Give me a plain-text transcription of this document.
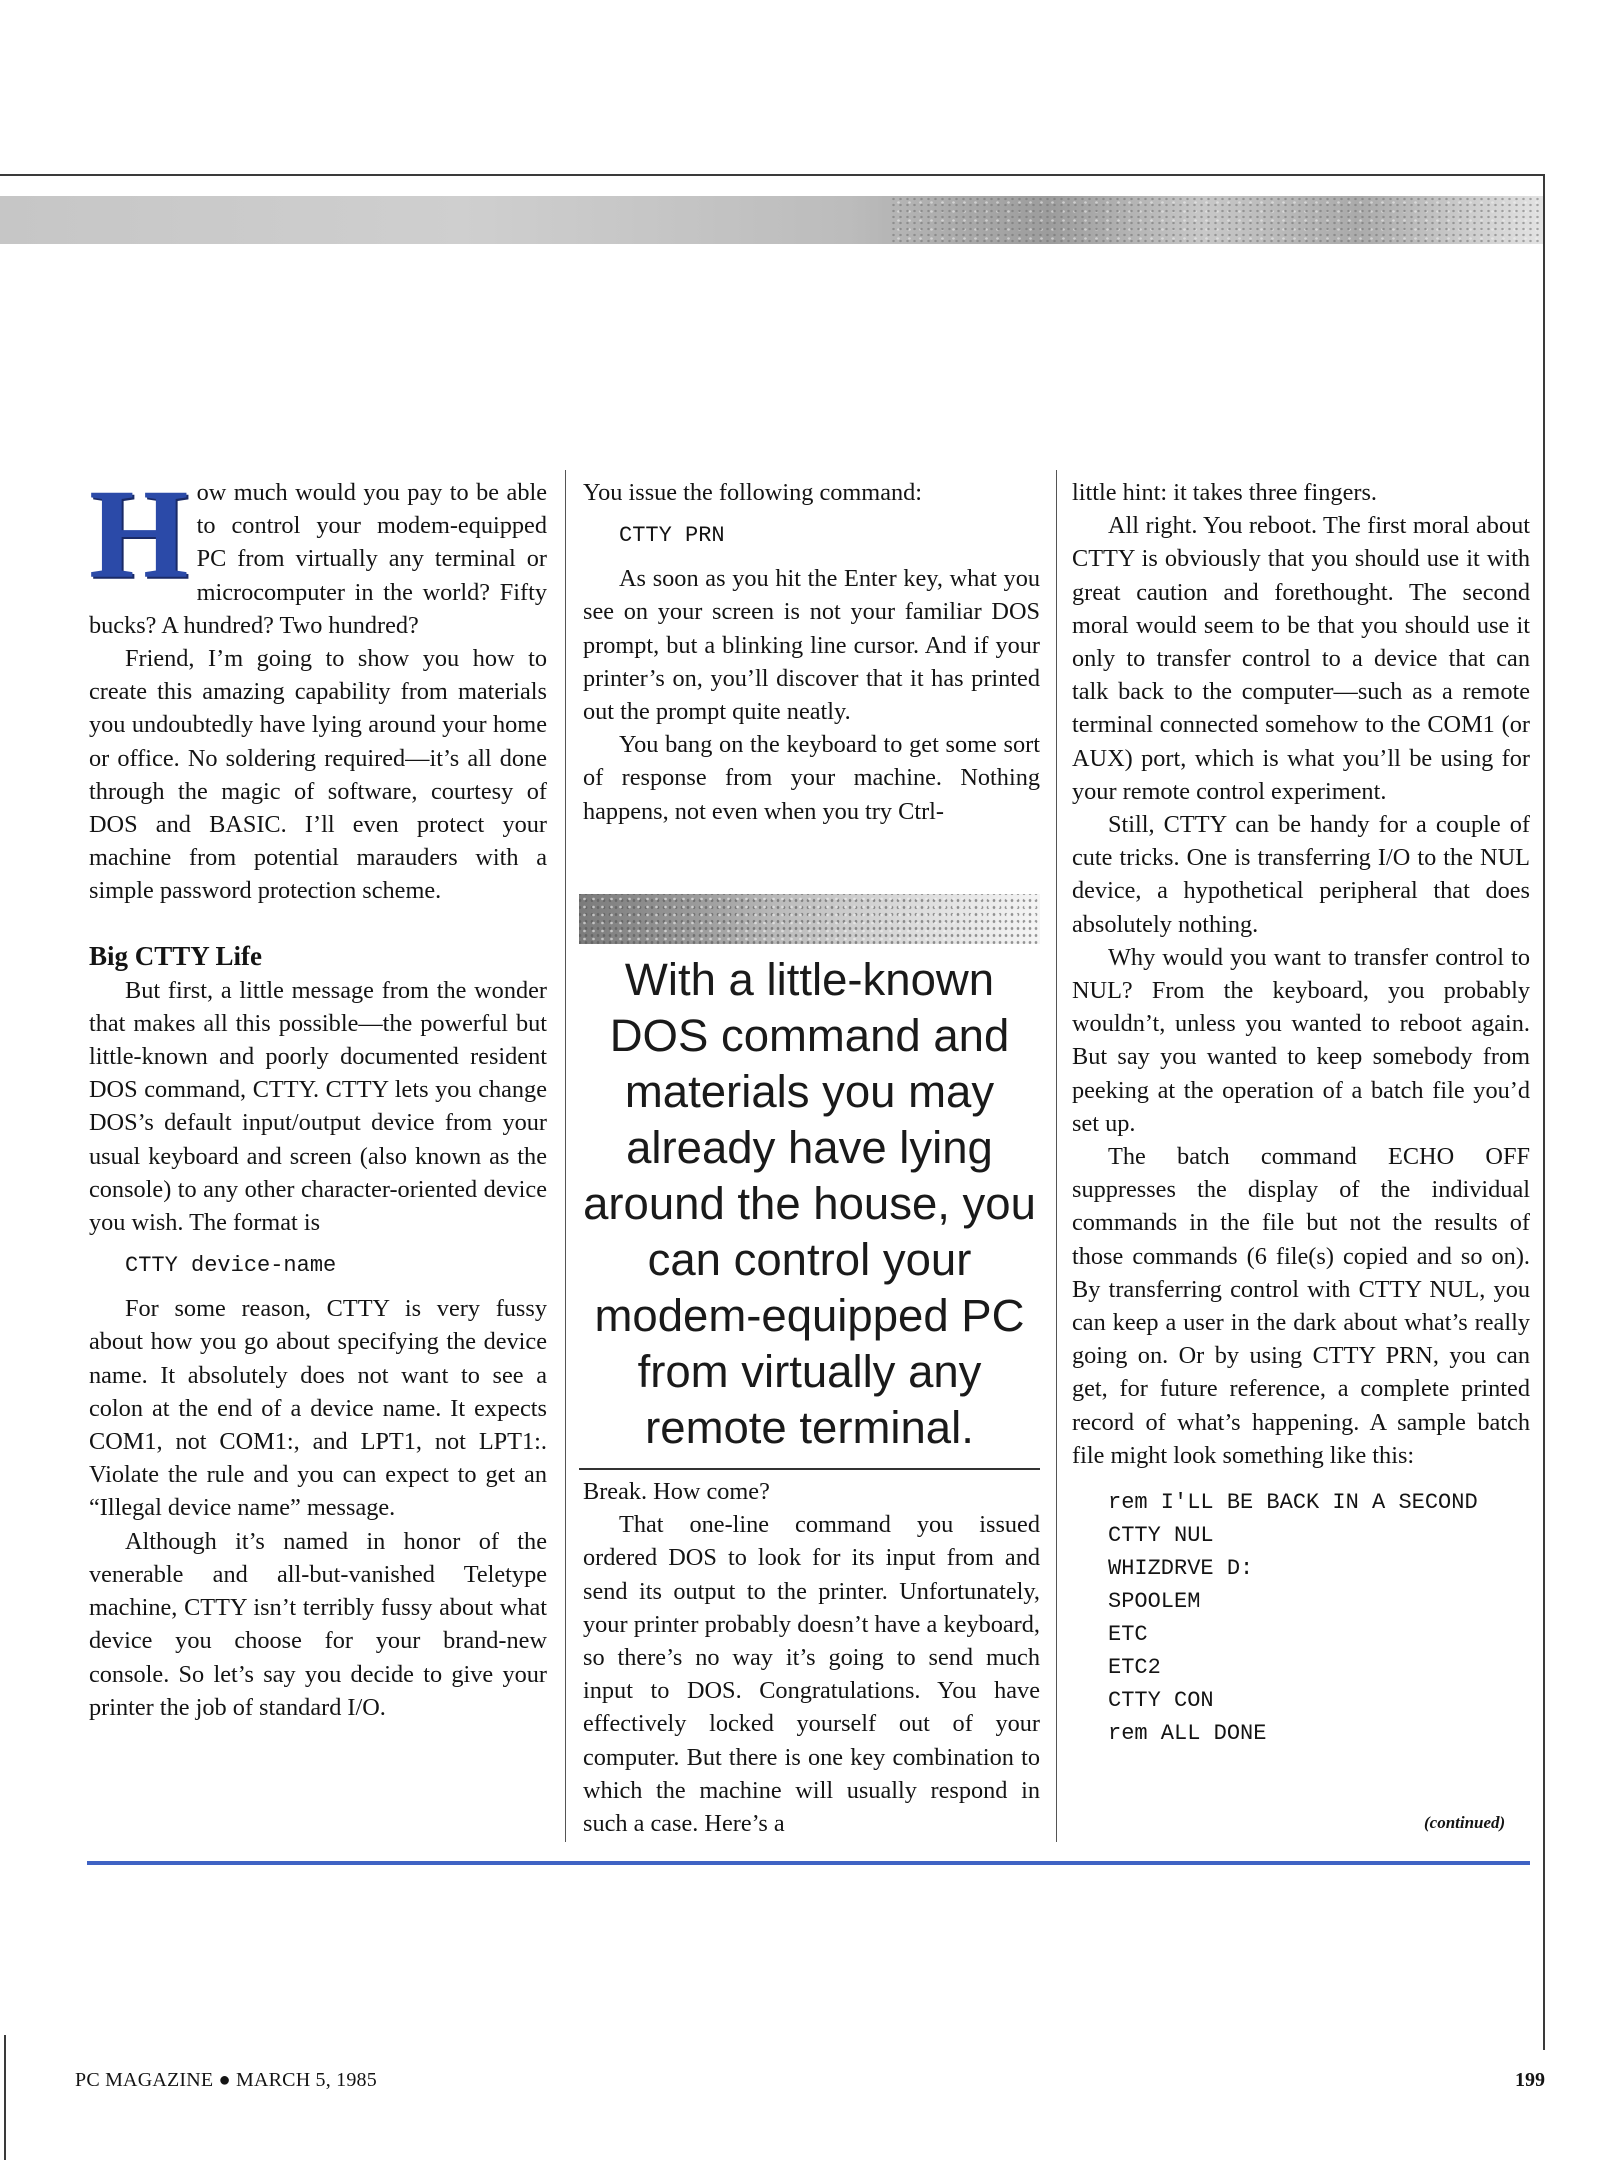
How much would you pay to be able to control your modem-equipped PC from virtually any terminal or microcomputer in the world? Fifty bucks? A hundred? Two hundred?

Friend, I’m going to show you how to create this amazing capability from materials you undoubtedly have lying around your home or office. No soldering required—it’s all done through the magic of software, courtesy of DOS and BASIC. I’ll even protect your machine from potential marauders with a simple password protection scheme.

Big CTTY Life

But first, a little message from the wonder that makes all this possible—the powerful but little-known and poorly documented resident DOS command, CTTY. CTTY lets you change DOS’s default input/output device from your usual keyboard and screen (also known as the console) to any other character-oriented device you wish. The format is

CTTY device-name

For some reason, CTTY is very fussy about how you go about specifying the device name. It absolutely does not want to see a colon at the end of a device name. It expects COM1, not COM1:, and LPT1, not LPT1:. Violate the rule and you can expect to get an “Illegal device name” message.

Although it’s named in honor of the venerable and all-but-vanished Teletype machine, CTTY isn’t terribly fussy about what device you choose for your brand-new console. So let’s say you decide to give your printer the job of standard I/O.

You issue the following command:

CTTY PRN

As soon as you hit the Enter key, what you see on your screen is not your familiar DOS prompt, but a blinking line cursor. And if your printer’s on, you’ll discover that it has printed out the prompt quite neatly.

You bang on the keyboard to get some sort of response from your machine. Nothing happens, not even when you try Ctrl-

With a little-known DOS command and materials you may already have lying around the house, you can control your modem-equipped PC from virtually any remote terminal.

Break. How come?

That one-line command you issued ordered DOS to look for its input from and send its output to the printer. Unfortunately, your printer probably doesn’t have a keyboard, so there’s no way it’s going to send much input to DOS. Congratulations. You have effectively locked yourself out of your computer. But there is one key combination to which the machine will usually respond in such a case. Here’s a

little hint: it takes three fingers.

All right. You reboot. The first moral about CTTY is obviously that you should use it with great caution and forethought. The second moral would seem to be that you should use it only to transfer control to a device that can talk back to the computer—such as a remote terminal connected somehow to the COM1 (or AUX) port, which is what you’ll be using for your remote control experiment.

Still, CTTY can be handy for a couple of cute tricks. One is transferring I/O to the NUL device, a hypothetical peripheral that does absolutely nothing.

Why would you want to transfer control to NUL? From the keyboard, you probably wouldn’t, unless you wanted to reboot again. But say you wanted to keep somebody from peeking at the operation of a batch file you’d set up.

The batch command ECHO OFF suppresses the display of the individual commands in the file but not the results of those commands (6 file(s) copied and so on). By transferring control with CTTY NUL, you can keep a user in the dark about what’s really going on. Or by using CTTY PRN, you can get, for future reference, a complete printed record of what’s happening. A sample batch file might look something like this:

rem I'LL BE BACK IN A SECOND
CTTY NUL
WHIZDRVE D:
SPOOLEM
ETC
ETC2
CTTY CON
rem ALL DONE
(continued)
PC MAGAZINE ● MARCH 5, 1985	199
